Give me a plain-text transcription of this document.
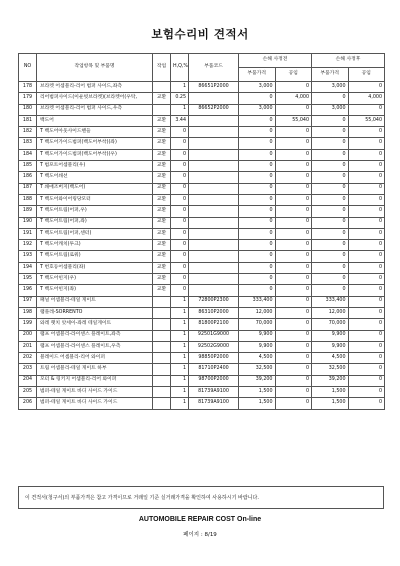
보험수리비 견적서
NO	작업항목 및 부품명	작업	H,Q,%	부품코드	손해 사정전		손해 사정후	
					부품가격	공임	부품가격	공임
178	브라켓 어셈블리-리어 범퍼 사이드,좌측		1	86651P2000	3,000	0	3,000	0
179	리어범퍼사이드(이운빗브라켓)(브라켓어(우탁,	교환	0.25		0	4,000	0	4,000
180	브라켓 어셈블리-리어 범퍼 사이드,우측		1	86652P2000	3,000	0	3,000	0
181	백도어	교환	3.44		0	55,040	0	55,040
182	T 백도어아웃사이드핸들	교환	0		0	0	0	0
183	T 백도어가이드범퍼(백도어부착)(좌)	교환	0		0	0	0	0
184	T 백도어가이드범퍼(백도어부착)(우)	교환	0		0	0	0	0
185	T 범포트어셈블리(우)	교환	0		0	0	0	0
186	T 백도어쇄션	교환	0		0	0	0	0
187	T 쇄애조버지(백도어)	교환	0		0	0	0	0
188	T 백도어와이어링당모터	교환	0		0	0	0	0
189	T 백도어트림(어퍼,우)	교환	0		0	0	0	0
190	T 백도어트림(어퍼,좌)	교환	0		0	0	0	0
191	T 백도어트림(어퍼,센터)	교환	0		0	0	0	0
192	T 백도어캐치(투크)	교환	0		0	0	0	0
193	T 백도어트림(로워)	교환	0		0	0	0	0
194	T 번호등어셈블리(좌)	교환	0		0	0	0	0
195	T 백도어힌지(우)	교환	0		0	0	0	0
196	T 백도어힌지(좌)	교환	0		0	0	0	0
197	패널 어셈블리-테일 게이트		1	72800P2300	333,400	0	333,400	0
198	램플레-SORRENTO		1	86310P2000	12,000	0	12,000	0
199	와레 랫치 앗세이-좌레 테일게이트		1	81800P2100	70,000	0	70,000	0
200	램프 어셈블리-라이센스 플레이트,좌측		1	92501G9000	9,900	0	9,900	0
201	램프 어셈블리-라이센스 플레이트,우측		1	92502G9000	9,900	0	9,900	0
202	블레이드 어셈블리-리어 와이퍼		1	98850P2000	4,500	0	4,500	0
203	트림 어셈블리-테일 게이트 하부		1	81710P2400	32,500	0	32,500	0
204	모터 & 링키지 어셈블리-리어 와이퍼		1	98700P2000	39,200	0	39,200	0
205	범퍼-테일 게이트 바디 사이드 가이드		1	81739A9100	1,500	0	1,500	0
206	범퍼-테일 게이트 바디 사이드 가이드		1	81739A9100	1,500	0	1,500	0
이 견적서(청구서)의 부품가격은 참고 가격이므로 거래일 기준 실거래가격을 확인하여 사용하시기 바랍니다.
AUTOMOBILE REPAIR COST On-line
페이지 : 8/19
